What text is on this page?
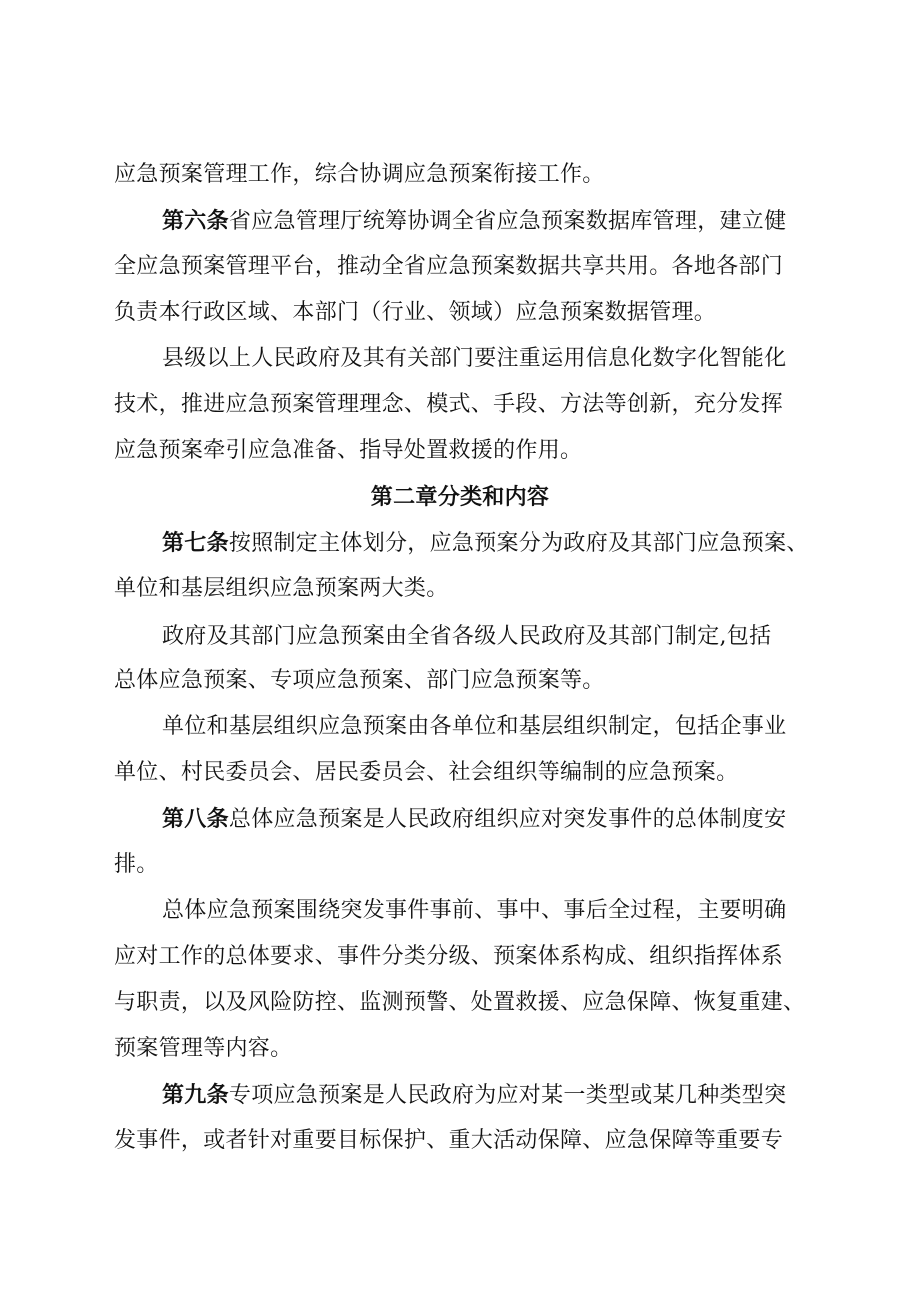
应急预案管理工作，综合协调应急预案衔接工作。
第六条省应急管理厅统筹协调全省应急预案数据库管理，建立健
全应急预案管理平台，推动全省应急预案数据共享共用。各地各部门
负责本行政区域、本部门（行业、领域）应急预案数据管理。
县级以上人民政府及其有关部门要注重运用信息化数字化智能化
技术，推进应急预案管理理念、模式、手段、方法等创新，充分发挥
应急预案牵引应急准备、指导处置救援的作用。
第二章分类和内容
第七条按照制定主体划分，应急预案分为政府及其部门应急预案、
单位和基层组织应急预案两大类。
政府及其部门应急预案由全省各级人民政府及其部门制定,包括
总体应急预案、专项应急预案、部门应急预案等。
单位和基层组织应急预案由各单位和基层组织制定，包括企事业
单位、村民委员会、居民委员会、社会组织等编制的应急预案。
第八条总体应急预案是人民政府组织应对突发事件的总体制度安
排。
总体应急预案围绕突发事件事前、事中、事后全过程，主要明确
应对工作的总体要求、事件分类分级、预案体系构成、组织指挥体系
与职责，以及风险防控、监测预警、处置救援、应急保障、恢复重建、
预案管理等内容。
第九条专项应急预案是人民政府为应对某一类型或某几种类型突
发事件，或者针对重要目标保护、重大活动保障、应急保障等重要专
